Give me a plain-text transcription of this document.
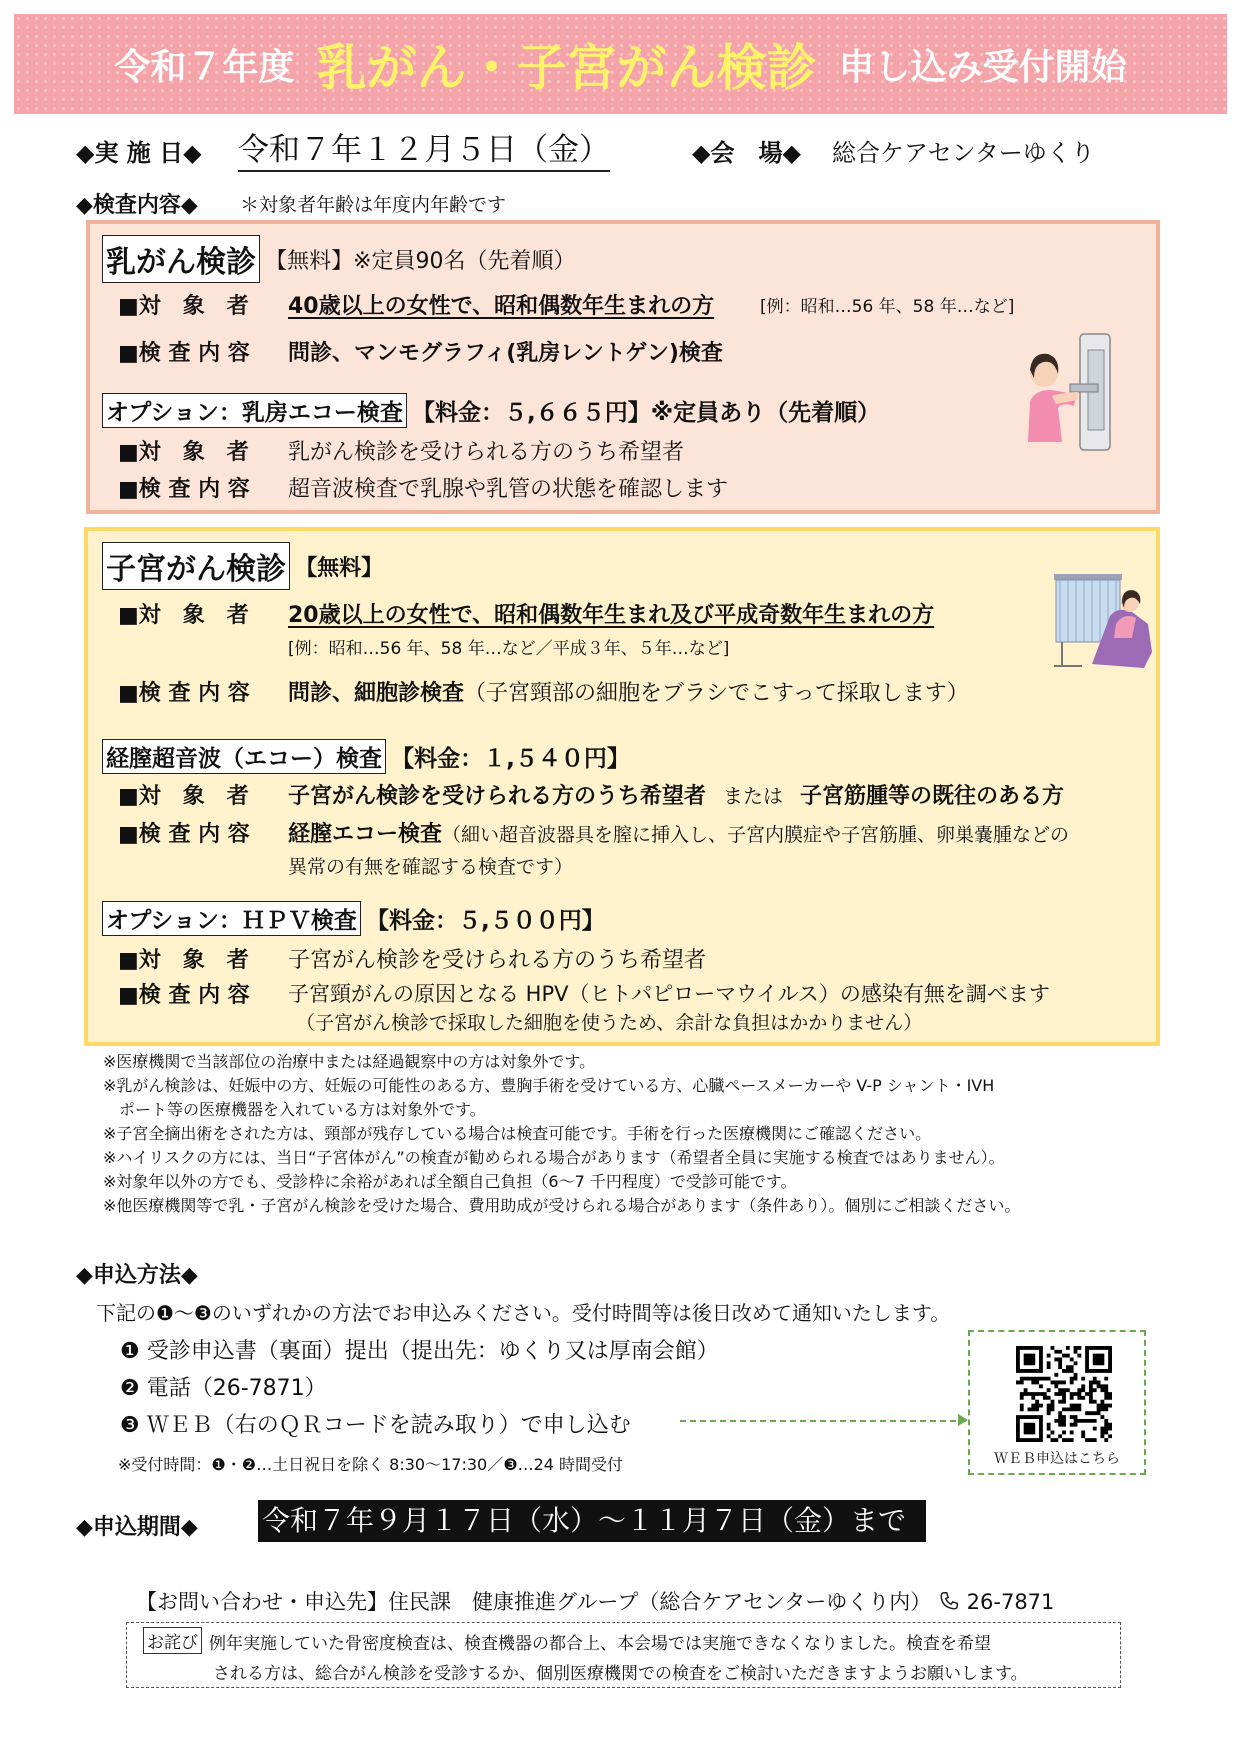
令和７年度 乳がん・子宮がん検診 申し込み受付開始
◆実 施 日◆ 令和７年１２月５日（金）	◆会　場◆ 総合ケアセンターゆくり
◆検査内容◆ ＊対象者年齢は年度内年齢です
乳がん検診 【無料】※定員90名（先着順）
■対　象　者 40歳以上の女性で、昭和偶数年生まれの方	[例：昭和…56 年、58 年…など]
■検 査 内 容 問診、マンモグラフィ(乳房レントゲン)検査
オプション：乳房エコー検査 【料金：５,６６５円】※定員あり（先着順）
■対　象　者 乳がん検診を受けられる方のうち希望者
■検 査 内 容 超音波検査で乳腺や乳管の状態を確認します
子宮がん検診 【無料】
■対　象　者 20歳以上の女性で、昭和偶数年生まれ及び平成奇数年生まれの方
[例：昭和…56 年、58 年…など／平成３年、５年…など]
■検 査 内 容 問診、細胞診検査（子宮頸部の細胞をブラシでこすって採取します）
経膣超音波（エコー）検査 【料金：１,５４０円】
■対　象　者 子宮がん検診を受けられる方のうち希望者 または 子宮筋腫等の既往のある方
■検 査 内 容 経膣エコー検査（細い超音波器具を膣に挿入し、子宮内膜症や子宮筋腫、卵巣嚢腫などの
異常の有無を確認する検査です）
オプション：ＨＰＶ検査 【料金：５,５００円】
■対　象　者 子宮がん検診を受けられる方のうち希望者
■検 査 内 容 子宮頸がんの原因となる HPV（ヒトパピローマウイルス）の感染有無を調べます
（子宮がん検診で採取した細胞を使うため、余計な負担はかかりません）
※医療機関で当該部位の治療中または経過観察中の方は対象外です。
※乳がん検診は、妊娠中の方、妊娠の可能性のある方、豊胸手術を受けている方、心臓ペースメーカーや V-P シャント・IVH
　ポート等の医療機器を入れている方は対象外です。
※子宮全摘出術をされた方は、頸部が残存している場合は検査可能です。手術を行った医療機関にご確認ください。
※ハイリスクの方には、当日“子宮体がん”の検査が勧められる場合があります（希望者全員に実施する検査ではありません）。
※対象年以外の方でも、受診枠に余裕があれば全額自己負担（6～7 千円程度）で受診可能です。
※他医療機関等で乳・子宮がん検診を受けた場合、費用助成が受けられる場合があります（条件あり）。個別にご相談ください。
◆申込方法◆
下記の❶～❸のいずれかの方法でお申込みください。受付時間等は後日改めて通知いたします。
❶ 受診申込書（裏面）提出（提出先：ゆくり又は厚南会館）
❷ 電話（26-7871）
❸ ＷＥＢ（右のＱＲコードを読み取り）で申し込む
※受付時間：❶・❷…土日祝日を除く 8:30～17:30／❸…24 時間受付	ＷＥＢ申込はこちら
◆申込期間◆ 令和７年９月１７日（水）～１１月７日（金）まで
【お問い合わせ・申込先】住民課　健康推進グループ（総合ケアセンターゆくり内） 26-7871
お詫び 例年実施していた骨密度検査は、検査機器の都合上、本会場では実施できなくなりました。検査を希望
される方は、総合がん検診を受診するか、個別医療機関での検査をご検討いただきますようお願いします。
